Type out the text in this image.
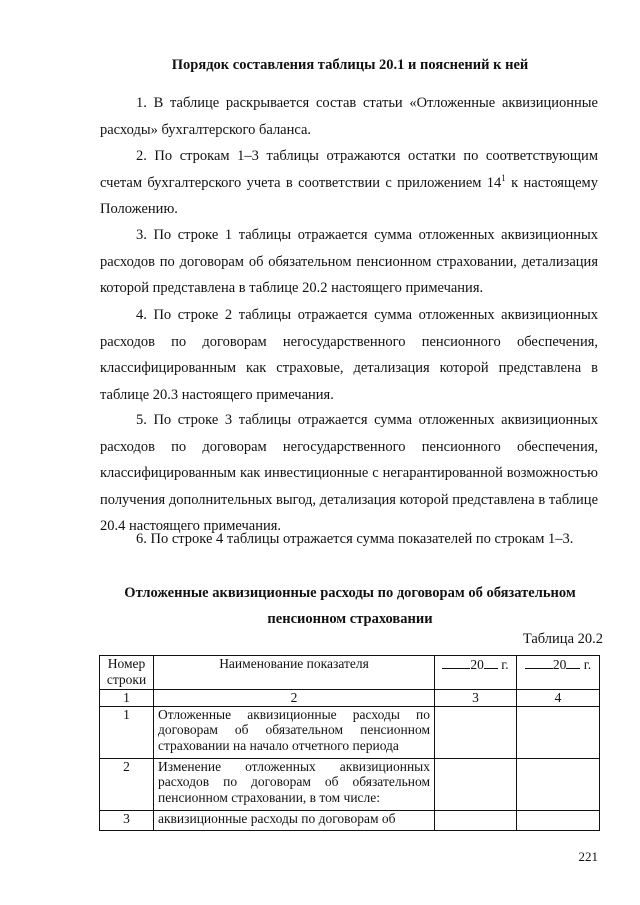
Порядок составления таблицы 20.1 и пояснений к ней

1. В таблице раскрывается состав статьи «Отложенные аквизиционные расходы» бухгалтерского баланса.

2. По строкам 1–3 таблицы отражаются остатки по соответствующим счетам бухгалтерского учета в соответствии с приложением $14^1$ к настоящему Положению.

3. По строке 1 таблицы отражается сумма отложенных аквизиционных расходов по договорам об обязательном пенсионном страховании, детализация которой представлена в таблице 20.2 настоящего примечания.

4. По строке 2 таблицы отражается сумма отложенных аквизиционных расходов по договорам негосударственного пенсионного обеспечения, классифицированным как страховые, детализация которой представлена в таблице 20.3 настоящего примечания.

5. По строке 3 таблицы отражается сумма отложенных аквизиционных расходов по договорам негосударственного пенсионного обеспечения, классифицированным как инвестиционные с негарантированной возможностью получения дополнительных выгод, детализация которой представлена в таблице 20.4 настоящего примечания.

6. По строке 4 таблицы отражается сумма показателей по строкам 1–3.

Отложенные аквизиционные расходы по договорам об обязательном
пенсионном страховании
Таблица 20.2
Номер строки	Наименование показателя	20 г.	20 г.
1	2	3	4
1	Отложенные аквизиционные расходы по договорам об обязательном пенсионном страховании на начало отчетного периода		
2	Изменение отложенных аквизиционных расходов по договорам об обязательном пенсионном страховании, в том числе:		
3	аквизиционные расходы по договорам об		
221
